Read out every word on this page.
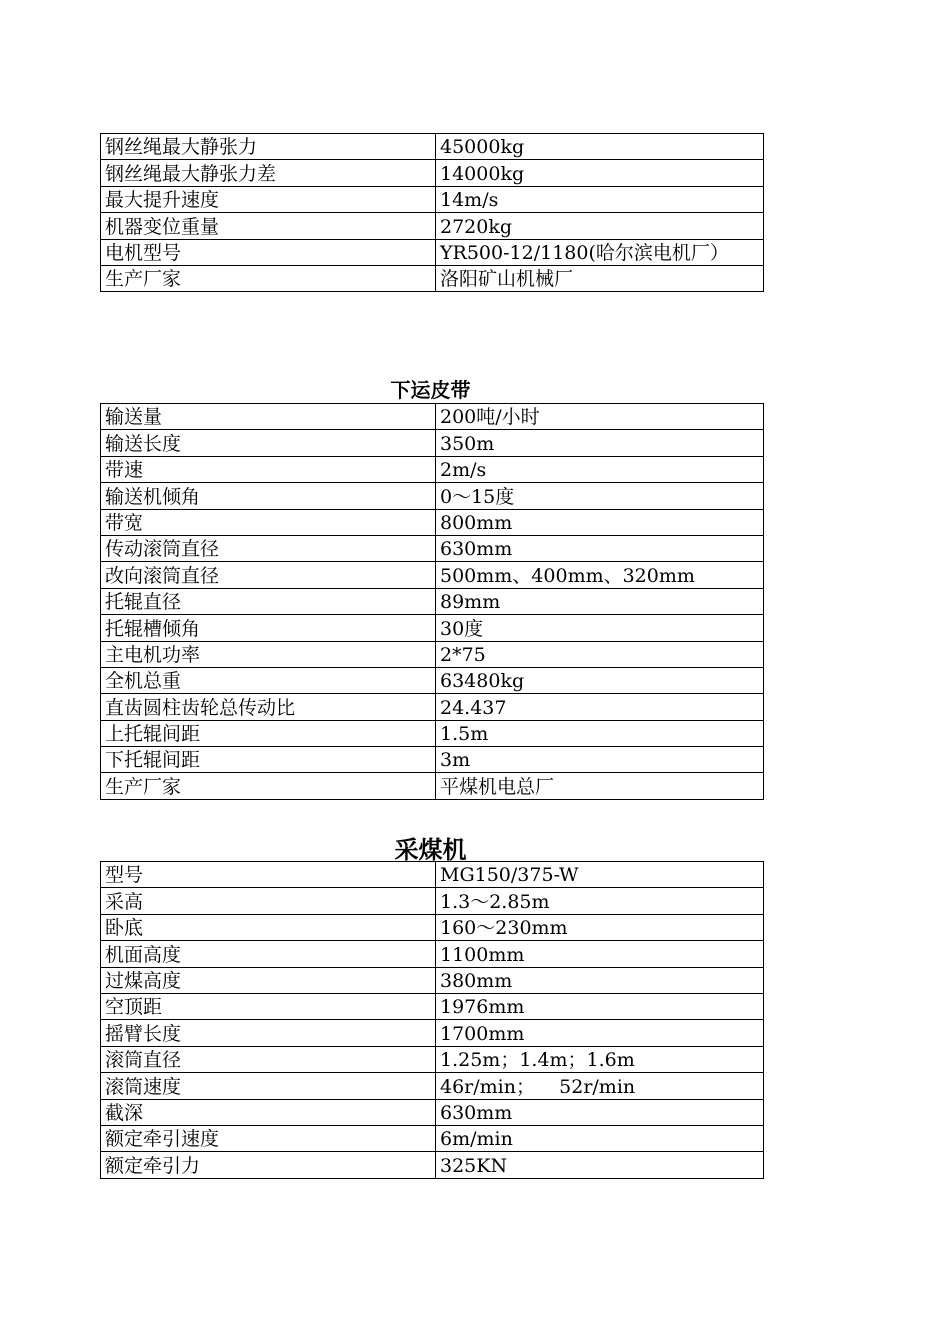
钢丝绳最大静张力	45000kg
钢丝绳最大静张力差	14000kg
最大提升速度	14m/s
机器变位重量	2720kg
电机型号	YR500-12/1180(哈尔滨电机厂）
生产厂家	洛阳矿山机械厂
下运皮带
输送量	200吨/小时
输送长度	350m
带速	2m/s
输送机倾角	0～15度
带宽	800mm
传动滚筒直径	630mm
改向滚筒直径	500mm、400mm、320mm
托辊直径	89mm
托辊槽倾角	30度
主电机功率	2*75
全机总重	63480kg
直齿圆柱齿轮总传动比	24.437
上托辊间距	1.5m
下托辊间距	3m
生产厂家	平煤机电总厂
采煤机
型号	MG150/375-W
采高	1.3～2.85m
卧底	160～230mm
机面高度	1100mm
过煤高度	380mm
空顶距	1976mm
摇臂长度	1700mm
滚筒直径	1.25m；1.4m；1.6m
滚筒速度	46r/min；    52r/min
截深	630mm
额定牵引速度	6m/min
额定牵引力	325KN
